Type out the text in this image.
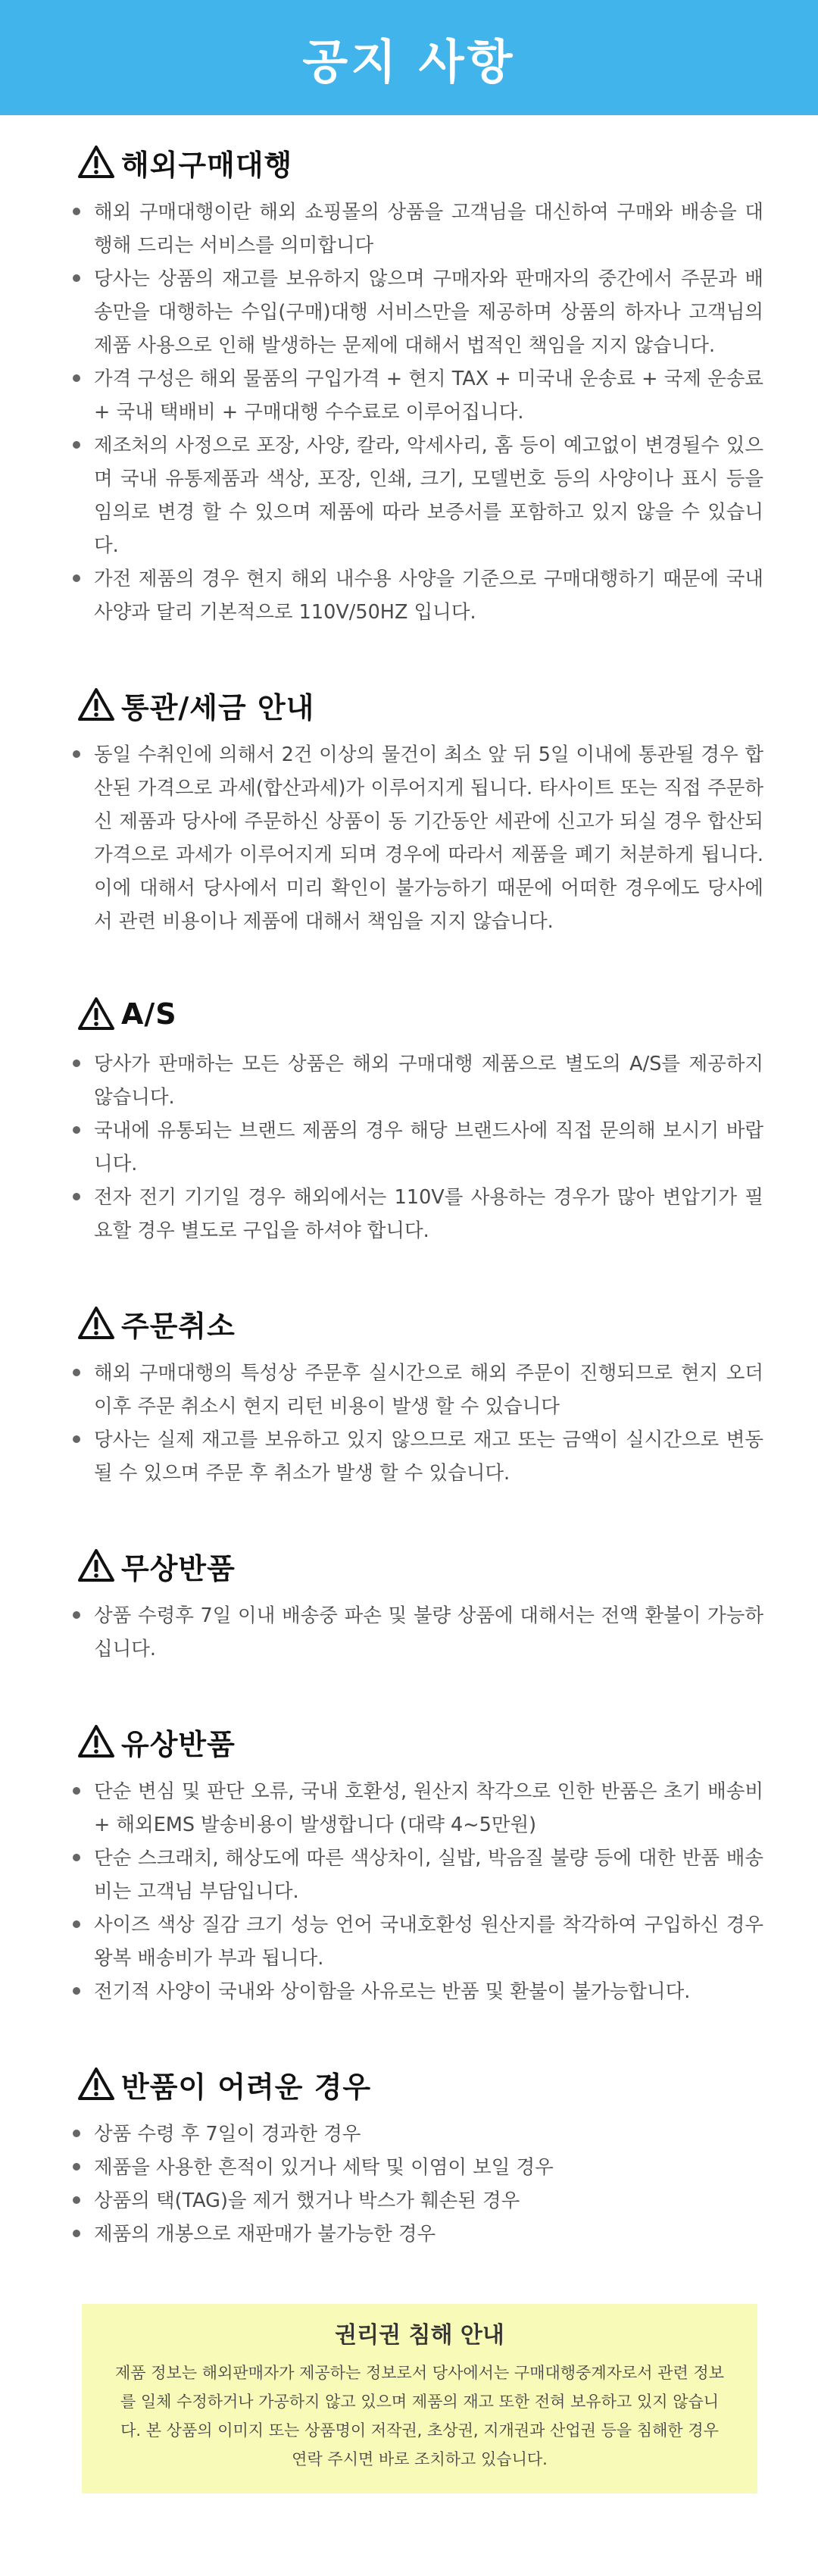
공지 사항
해외구매대행
해외 구매대행이란 해외 쇼핑몰의 상품을 고객님을 대신하여 구매와 배송을 대행해 드리는 서비스를 의미합니다
당사는 상품의 재고를 보유하지 않으며 구매자와 판매자의 중간에서 주문과 배송만을 대행하는 수입(구매)대행 서비스만을 제공하며 상품의 하자나 고객님의 제품 사용으로 인해 발생하는 문제에 대해서 법적인 책임을 지지 않습니다.
가격 구성은 해외 물품의 구입가격 + 현지 TAX + 미국내 운송료 + 국제 운송료 + 국내 택배비 + 구매대행 수수료로 이루어집니다.
제조처의 사정으로 포장, 사양, 칼라, 악세사리, 홈 등이 예고없이 변경될수 있으며 국내 유통제품과 색상, 포장, 인쇄, 크기, 모델번호 등의 사양이나 표시 등을 임의로 변경 할 수 있으며 제품에 따라 보증서를 포함하고 있지 않을 수 있습니다.
가전 제품의 경우 현지 해외 내수용 사양을 기준으로 구매대행하기 때문에 국내사양과 달리 기본적으로 110V/50HZ 입니다.
통관/세금 안내
동일 수취인에 의해서 2건 이상의 물건이 최소 앞 뒤 5일 이내에 통관될 경우 합산된 가격으로 과세(합산과세)가 이루어지게 됩니다. 타사이트 또는 직접 주문하신 제품과 당사에 주문하신 상품이 동 기간동안 세관에 신고가 되실 경우 합산되 가격으로 과세가 이루어지게 되며 경우에 따라서 제품을 폐기 처분하게 됩니다. 이에 대해서 당사에서 미리 확인이 불가능하기 때문에 어떠한 경우에도 당사에서 관련 비용이나 제품에 대해서 책임을 지지 않습니다.
A/S
당사가 판매하는 모든 상품은 해외 구매대행 제품으로 별도의 A/S를 제공하지 않습니다.
국내에 유통되는 브랜드 제품의 경우 해당 브랜드사에 직접 문의해 보시기 바랍니다.
전자 전기 기기일 경우 해외에서는 110V를 사용하는 경우가 많아 변압기가 필요할 경우 별도로 구입을 하셔야 합니다.
주문취소
해외 구매대행의 특성상 주문후 실시간으로 해외 주문이 진행되므로 현지 오더 이후 주문 취소시 현지 리턴 비용이 발생 할 수 있습니다
당사는 실제 재고를 보유하고 있지 않으므로 재고 또는 금액이 실시간으로 변동 될 수 있으며 주문 후 취소가 발생 할 수 있습니다.
무상반품
상품 수령후 7일 이내 배송중 파손 및 불량 상품에 대해서는 전액 환불이 가능하십니다.
유상반품
단순 변심 및 판단 오류, 국내 호환성, 원산지 착각으로 인한 반품은 초기 배송비 + 해외EMS 발송비용이 발생합니다 (대략 4~5만원)
단순 스크래치, 해상도에 따른 색상차이, 실밥, 박음질 불량 등에 대한 반품 배송비는 고객님 부담입니다.
사이즈 색상 질감 크기 성능 언어 국내호환성 원산지를 착각하여 구입하신 경우 왕복 배송비가 부과 됩니다.
전기적 사양이 국내와 상이함을 사유로는 반품 및 환불이 불가능합니다.
반품이 어려운 경우
상품 수령 후 7일이 경과한 경우
제품을 사용한 흔적이 있거나 세탁 및 이염이 보일 경우
상품의 택(TAG)을 제거 했거나 박스가 훼손된 경우
제품의 개봉으로 재판매가 불가능한 경우
권리권 침해 안내

제품 정보는 해외판매자가 제공하는 정보로서 당사에서는 구매대행중계자로서 관련 정보를 일체 수정하거나 가공하지 않고 있으며 제품의 재고 또한 전혀 보유하고 있지 않습니다. 본 상품의 이미지 또는 상품명이 저작권, 초상권, 지개권과 산업권 등을 침해한 경우 연락 주시면 바로 조치하고 있습니다.
